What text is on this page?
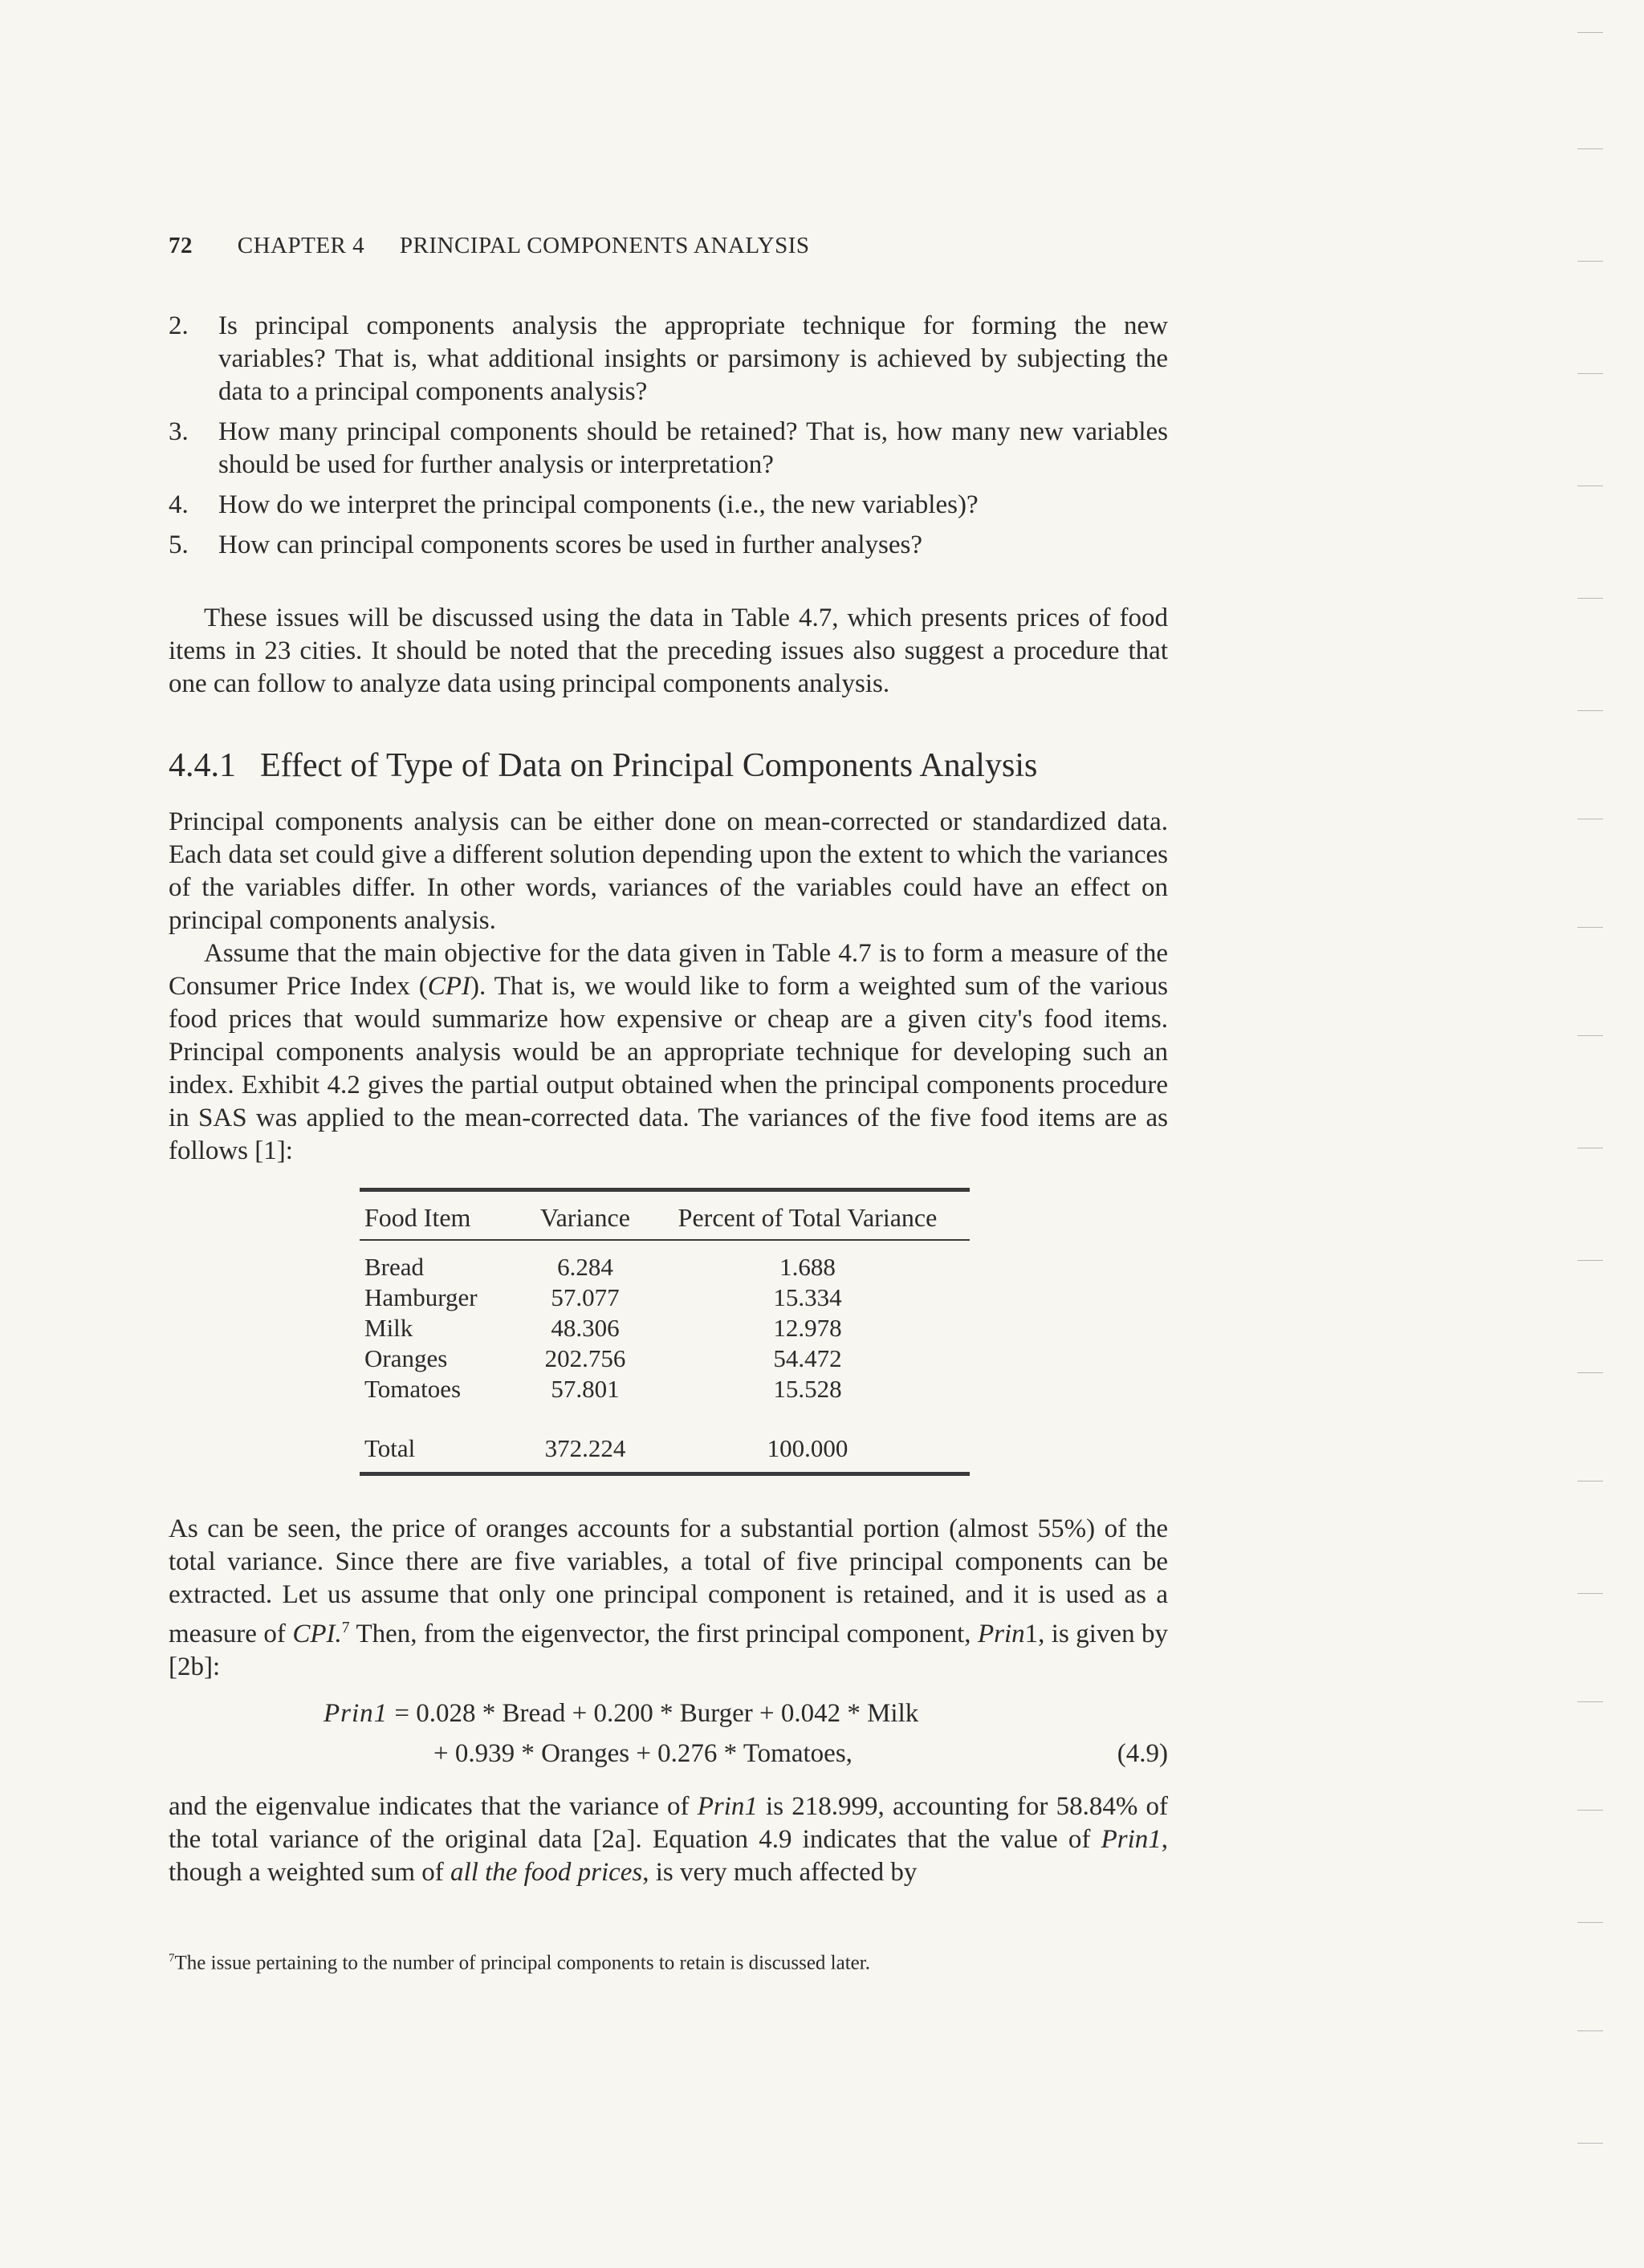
72 CHAPTER 4 PRINCIPAL COMPONENTS ANALYSIS
2. Is principal components analysis the appropriate technique for forming the new variables? That is, what additional insights or parsimony is achieved by subjecting the data to a principal components analysis?
3. How many principal components should be retained? That is, how many new variables should be used for further analysis or interpretation?
4. How do we interpret the principal components (i.e., the new variables)?
5. How can principal components scores be used in further analyses?
These issues will be discussed using the data in Table 4.7, which presents prices of food items in 23 cities. It should be noted that the preceding issues also suggest a procedure that one can follow to analyze data using principal components analysis.
4.4.1 Effect of Type of Data on Principal Components Analysis
Principal components analysis can be either done on mean-corrected or standardized data. Each data set could give a different solution depending upon the extent to which the variances of the variables differ. In other words, variances of the variables could have an effect on principal components analysis.
Assume that the main objective for the data given in Table 4.7 is to form a measure of the Consumer Price Index (CPI). That is, we would like to form a weighted sum of the various food prices that would summarize how expensive or cheap are a given city's food items. Principal components analysis would be an appropriate technique for developing such an index. Exhibit 4.2 gives the partial output obtained when the principal components procedure in SAS was applied to the mean-corrected data. The variances of the five food items are as follows [1]:
Food Item	Variance	Percent of Total Variance
Bread	6.284	1.688
Hamburger	57.077	15.334
Milk	48.306	12.978
Oranges	202.756	54.472
Tomatoes	57.801	15.528
Total	372.224	100.000
As can be seen, the price of oranges accounts for a substantial portion (almost 55%) of the total variance. Since there are five variables, a total of five principal components can be extracted. Let us assume that only one principal component is retained, and it is used as a measure of CPI.$^7$ Then, from the eigenvector, the first principal component, Prin1, is given by [2b]:
Prin1 = 0.028 * Bread + 0.200 * Burger + 0.042 * Milk
+ 0.939 * Oranges + 0.276 * Tomatoes,	(4.9)
and the eigenvalue indicates that the variance of Prin1 is 218.999, accounting for 58.84% of the total variance of the original data [2a]. Equation 4.9 indicates that the value of Prin1, though a weighted sum of all the food prices, is very much affected by
$^7$The issue pertaining to the number of principal components to retain is discussed later.
